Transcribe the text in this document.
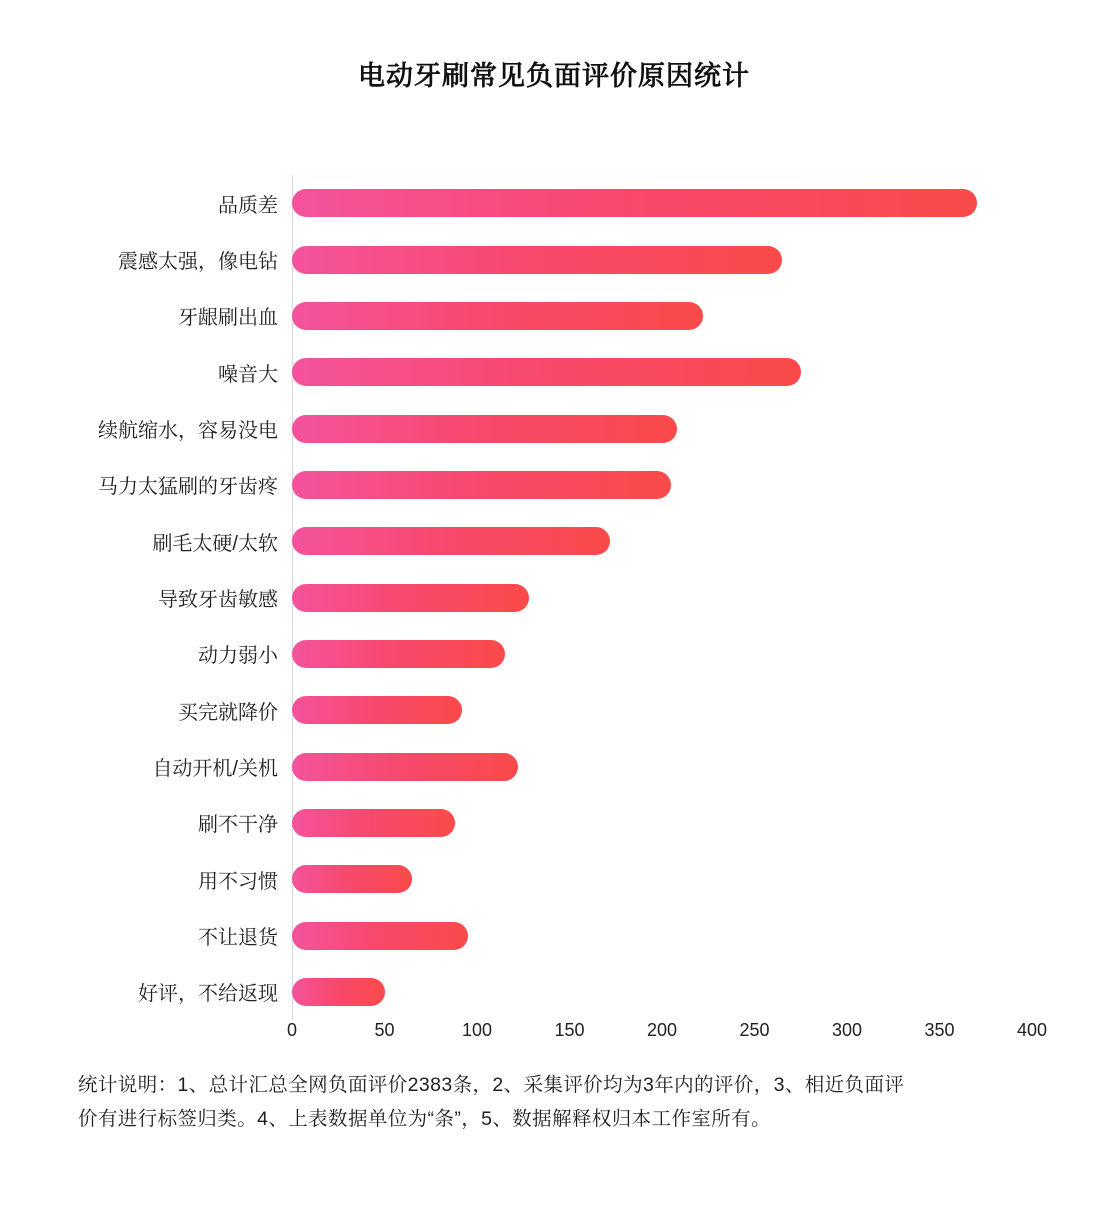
电动牙刷常见负面评价原因统计
品质差
震感太强，像电钻
牙龈刷出血
噪音大
续航缩水，容易没电
马力太猛刷的牙齿疼
刷毛太硬/太软
导致牙齿敏感
动力弱小
买完就降价
自动开机/关机
刷不干净
用不习惯
不让退货
好评，不给返现
0	50	100	150	200	250	300	350	400
统计说明：1、总计汇总全网负面评价2383条，2、采集评价均为3年内的评价，3、相近负面评
价有进行标签归类。4、上表数据单位为“条”，5、数据解释权归本工作室所有。
